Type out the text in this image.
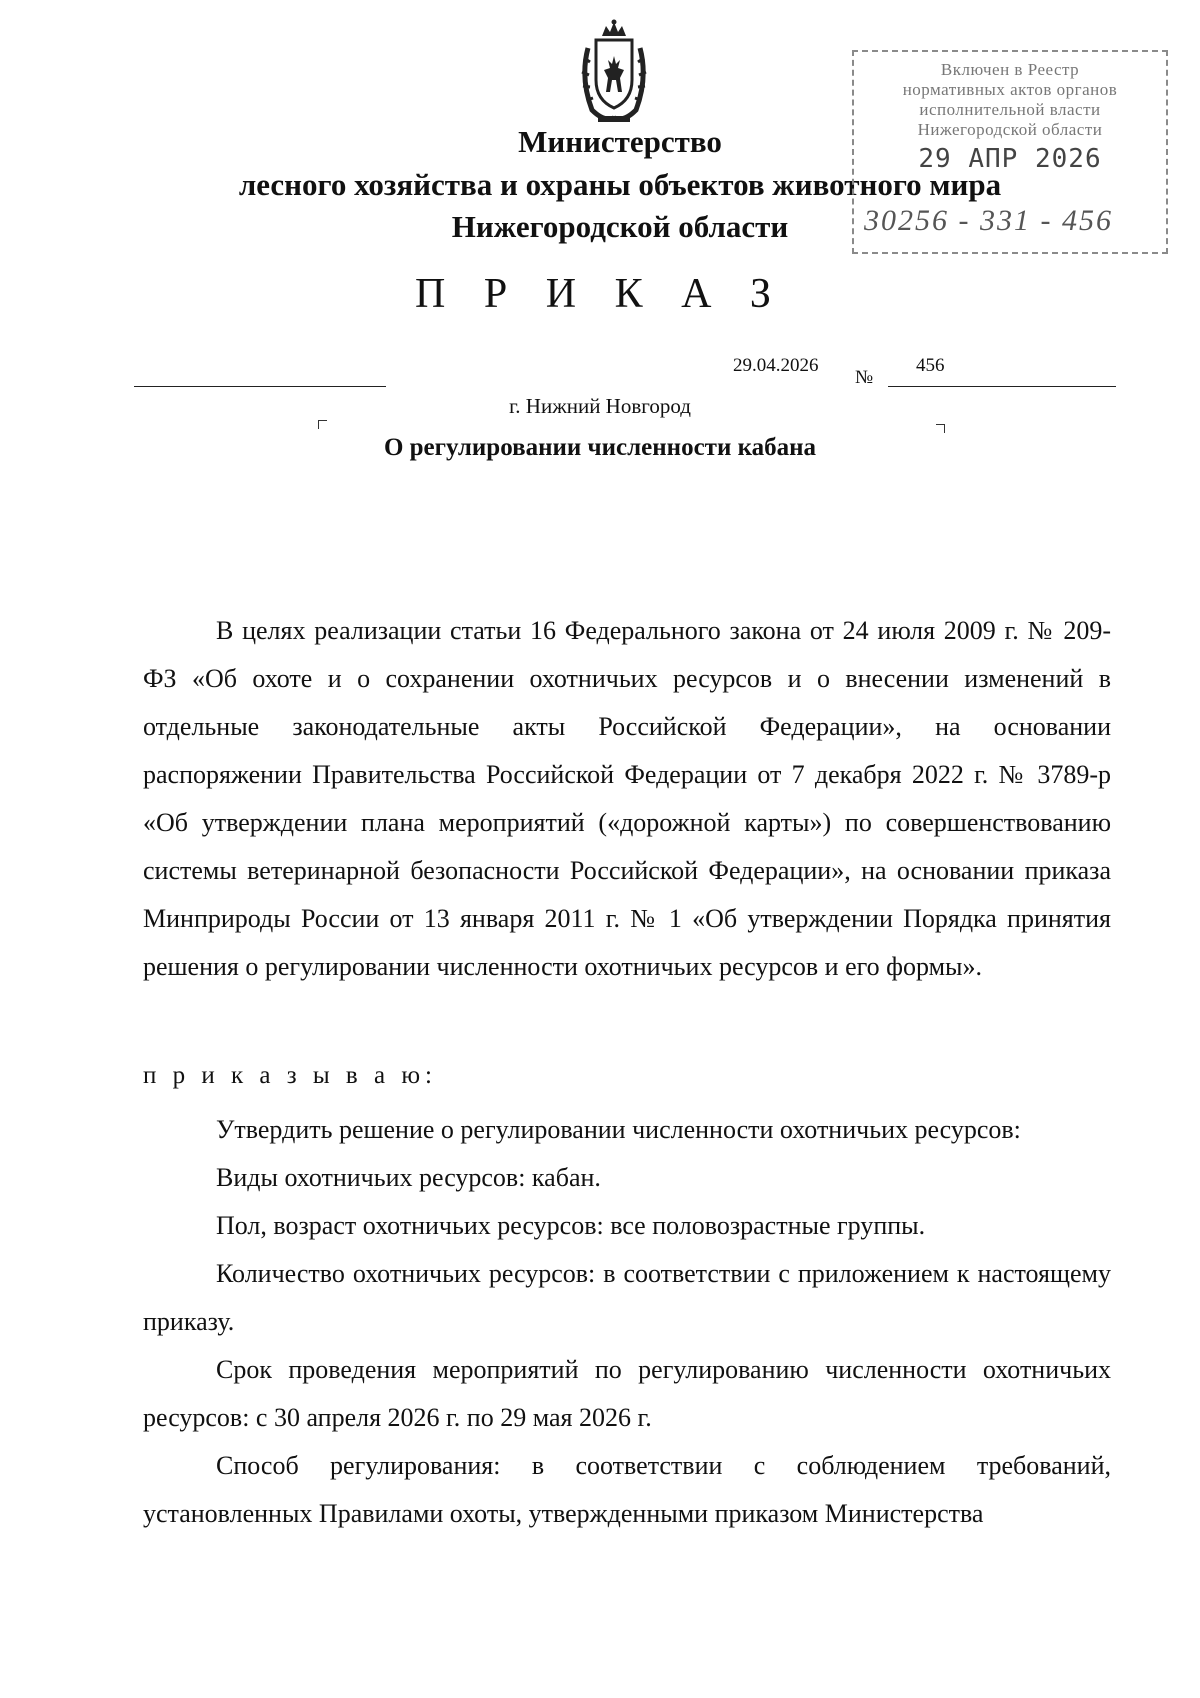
Министерство
лесного хозяйства и охраны объектов животного мира
Нижегородской области
Включен в Реестр
нормативных актов органов
исполнительной власти
Нижегородской области
29 АПР 2026
30256 - 331 - 456
П Р И К А З
29.04.2026
№
456
г. Нижний Новгород
О регулировании численности кабана

В целях реализации статьи 16 Федерального закона от 24 июля 2009 г. № 209-ФЗ «Об охоте и о сохранении охотничьих ресурсов и о внесении изменений в отдельные законодательные акты Российской Федерации», на основании распоряжении Правительства Российской Федерации от 7 декабря 2022 г. № 3789-р «Об утверждении плана мероприятий («дорожной карты») по совершенствованию системы ветеринарной безопасности Российской Федерации», на основании приказа Минприроды России от 13 января 2011 г. № 1 «Об утверждении Порядка принятия решения о регулировании численности охотничьих ресурсов и его формы».

п р и к а з ы в а ю:

Утвердить решение о регулировании численности охотничьих ресурсов:

Виды охотничьих ресурсов: кабан.

Пол, возраст охотничьих ресурсов: все половозрастные группы.

Количество охотничьих ресурсов: в соответствии с приложением к настоящему приказу.

Срок проведения мероприятий по регулированию численности охотничьих ресурсов: с 30 апреля 2026 г. по 29 мая 2026 г.

Способ регулирования: в соответствии с соблюдением требований, установленных Правилами охоты, утвержденными приказом Министерства
